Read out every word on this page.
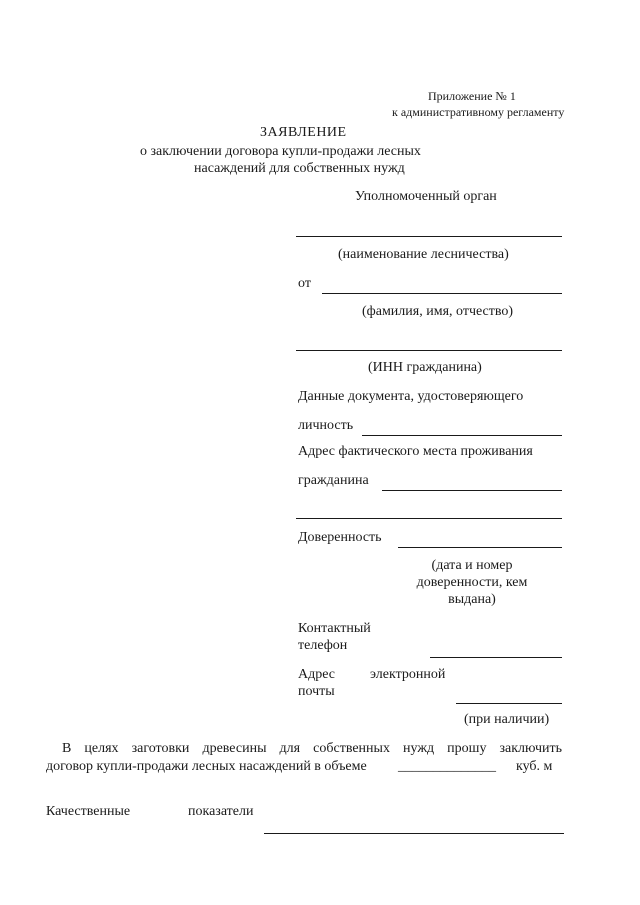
Приложение № 1
к административному регламенту
ЗАЯВЛЕНИЕ
о заключении договора купли-продажи лесных
насаждений для собственных нужд
Уполномоченный орган
(наименование лесничества)
от
(фамилия, имя, отчество)
(ИНН гражданина)
Данные документа, удостоверяющего
личность
Адрес фактического места проживания
гражданина
Доверенность
(дата и номер
доверенности, кем
выдана)
Контактный
телефон
Адрес электронной
почты
(при наличии)
В целях заготовки древесины для собственных нужд прошу заключить
договор купли-продажи лесных насаждений в объеме ______________ куб. м
Качественные	показатели
